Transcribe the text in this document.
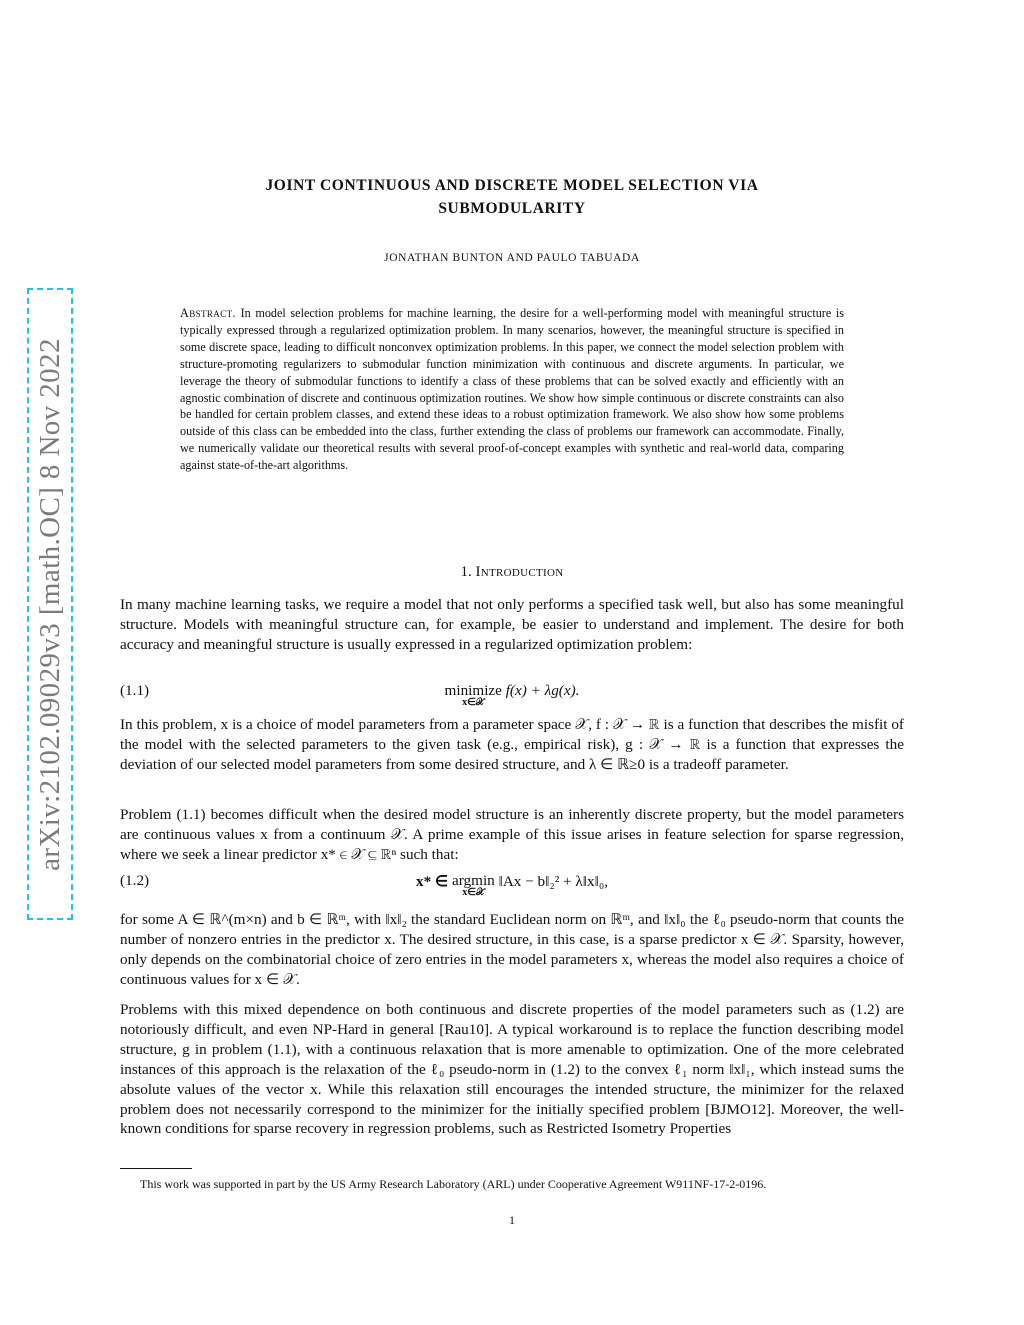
arXiv:2102.09029v3 [math.OC] 8 Nov 2022
JOINT CONTINUOUS AND DISCRETE MODEL SELECTION VIA
SUBMODULARITY
JONATHAN BUNTON AND PAULO TABUADA
Abstract. In model selection problems for machine learning, the desire for a well-performing model with meaningful structure is typically expressed through a regularized optimization problem. In many scenarios, however, the meaningful structure is specified in some discrete space, leading to difficult nonconvex optimization problems. In this paper, we connect the model selection problem with structure-promoting regularizers to submodular function minimization with continuous and discrete arguments. In particular, we leverage the theory of submodular functions to identify a class of these problems that can be solved exactly and efficiently with an agnostic combination of discrete and continuous optimization routines. We show how simple continuous or discrete constraints can also be handled for certain problem classes, and extend these ideas to a robust optimization framework. We also show how some problems outside of this class can be embedded into the class, further extending the class of problems our framework can accommodate. Finally, we numerically validate our theoretical results with several proof-of-concept examples with synthetic and real-world data, comparing against state-of-the-art algorithms.
1. Introduction
In many machine learning tasks, we require a model that not only performs a specified task well, but also has some meaningful structure. Models with meaningful structure can, for example, be easier to understand and implement. The desire for both accuracy and meaningful structure is usually expressed in a regularized optimization problem:
(1.1)	minimize
x∈𝒳
f(x) + λg(x).
In this problem, x is a choice of model parameters from a parameter space 𝒳, f : 𝒳 → ℝ is a function that describes the misfit of the model with the selected parameters to the given task (e.g., empirical risk), g : 𝒳 → ℝ is a function that expresses the deviation of our selected model parameters from some desired structure, and λ ∈ ℝ≥0 is a tradeoff parameter.
Problem (1.1) becomes difficult when the desired model structure is an inherently discrete property, but the model parameters are continuous values x from a continuum 𝒳. A prime example of this issue arises in feature selection for sparse regression, where we seek a linear predictor x* ∈ 𝒳 ⊆ ℝⁿ such that:
(1.2)	x* ∈ argmin
x∈𝒳
‖Ax − b‖₂² + λ‖x‖₀,
for some A ∈ ℝ^(m×n) and b ∈ ℝᵐ, with ‖x‖₂ the standard Euclidean norm on ℝᵐ, and ‖x‖₀ the ℓ₀ pseudo-norm that counts the number of nonzero entries in the predictor x. The desired structure, in this case, is a sparse predictor x ∈ 𝒳. Sparsity, however, only depends on the combinatorial choice of zero entries in the model parameters x, whereas the model also requires a choice of continuous values for x ∈ 𝒳.
Problems with this mixed dependence on both continuous and discrete properties of the model parameters such as (1.2) are notoriously difficult, and even NP-Hard in general [Rau10]. A typical workaround is to replace the function describing model structure, g in problem (1.1), with a continuous relaxation that is more amenable to optimization. One of the more celebrated instances of this approach is the relaxation of the ℓ₀ pseudo-norm in (1.2) to the convex ℓ₁ norm ‖x‖₁, which instead sums the absolute values of the vector x. While this relaxation still encourages the intended structure, the minimizer for the relaxed problem does not necessarily correspond to the minimizer for the initially specified problem [BJMO12]. Moreover, the well-known conditions for sparse recovery in regression problems, such as Restricted Isometry Properties
This work was supported in part by the US Army Research Laboratory (ARL) under Cooperative Agreement W911NF-17-2-0196.
1
